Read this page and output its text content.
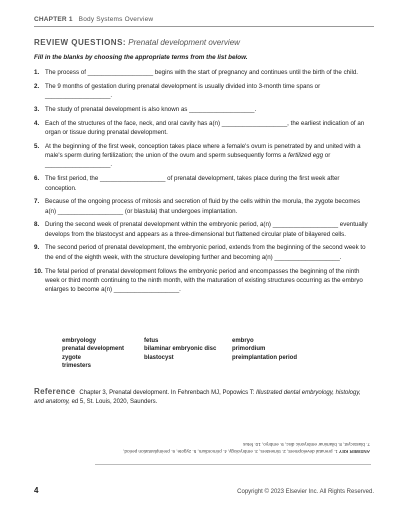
CHAPTER 1 Body Systems Overview
REVIEW QUESTIONS: Prenatal development overview
Fill in the blanks by choosing the appropriate terms from the list below.
1. The process of ___________________ begins with the start of pregnancy and continues until the birth of the child.
2. The 9 months of gestation during prenatal development is usually divided into 3-month time spans or ___________________.
3. The study of prenatal development is also known as ___________________.
4. Each of the structures of the face, neck, and oral cavity has a(n) ___________________, the earliest indication of an organ or tissue during prenatal development.
5. At the beginning of the first week, conception takes place where a female's ovum is penetrated by and united with a male's sperm during fertilization; the union of the ovum and sperm subsequently forms a fertilized egg or ___________________.
6. The first period, the ___________________ of prenatal development, takes place during the first week after conception.
7. Because of the ongoing process of mitosis and secretion of fluid by the cells within the morula, the zygote becomes a(n) ___________________ (or blastula) that undergoes implantation.
8. During the second week of prenatal development within the embryonic period, a(n) ___________________ eventually develops from the blastocyst and appears as a three-dimensional but flattened circular plate of bilayered cells.
9. The second period of prenatal development, the embryonic period, extends from the beginning of the second week to the end of the eighth week, with the structure developing further and becoming a(n) ___________________.
10. The fetal period of prenatal development follows the embryonic period and encompasses the beginning of the ninth week or third month continuing to the ninth month, with the maturation of existing structures occurring as the embryo enlarges to become a(n) ___________________.
embryology	fetus	embryo
prenatal development	bilaminar embryonic disc	primordium
zygote	blastocyst	preimplantation period
trimesters
Reference Chapter 3, Prenatal development. In Fehrenbach MJ, Popowics T: Illustrated dental embryology, histology, and anatomy, ed 5, St. Louis, 2020, Saunders.
ANSWER KEY 1. prenatal development, 2. trimesters, 3. embryology, 4. primordium, 5. zygote, 6. preimplantation period,
7. blastocyst, 8. bilaminar embryonic disc, 9. embryo, 10. fetus
4	Copyright © 2023 Elsevier Inc. All Rights Reserved.
